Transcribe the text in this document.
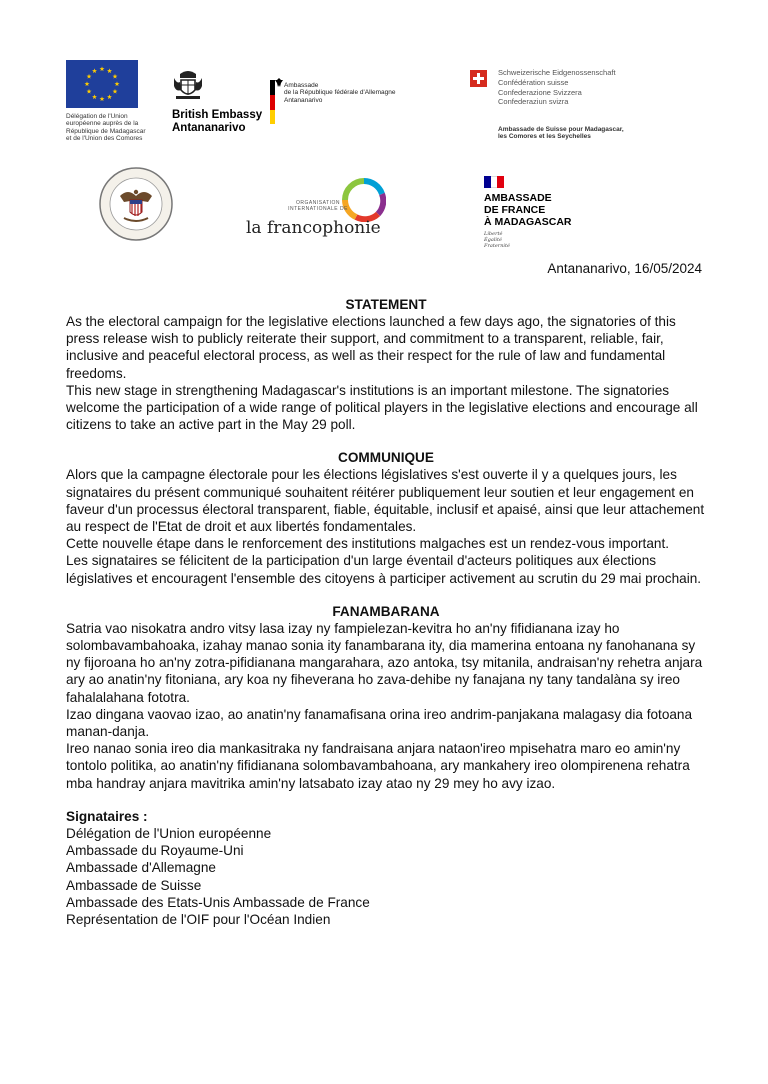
Délégation de l'Union
européenne auprès de la
République de Madagascar
et de l'Union des Comores
British Embassy
Antananarivo
Ambassade
de la République fédérale d'Allemagne
Antananarivo
Schweizerische Eidgenossenschaft
Confédération suisse
Confederazione Svizzera
Confederaziun svizra
Ambassade de Suisse pour Madagascar,
les Comores et les Seychelles
ORGANISATION
INTERNATIONALE DE
la francophonie
AMBASSADE
DE FRANCE
À MADAGASCAR
Liberté
Égalité
Fraternité
Antananarivo, 16/05/2024
STATEMENT

As the electoral campaign for the legislative elections launched a few days ago, the signatories of this press release wish to publicly reiterate their support, and commitment to a transparent, reliable, fair, inclusive and peaceful electoral process, as well as their respect for the rule of law and fundamental freedoms.

This new stage in strengthening Madagascar's institutions is an important milestone. The signatories welcome the participation of a wide range of political players in the legislative elections and encourage all citizens to take an active part in the May 29 poll.

COMMUNIQUE

Alors que la campagne électorale pour les élections législatives s'est ouverte il y a quelques jours, les signataires du présent communiqué souhaitent réitérer publiquement leur soutien et leur engagement en faveur d'un processus électoral transparent, fiable, équitable, inclusif et apaisé, ainsi que leur attachement au respect de l'Etat de droit et aux libertés fondamentales.

Cette nouvelle étape dans le renforcement des institutions malgaches est un rendez-vous important.

Les signataires se félicitent de la participation d'un large éventail d'acteurs politiques aux élections législatives et encouragent l'ensemble des citoyens à participer activement au scrutin du 29 mai prochain.

FANAMBARANA

Satria vao nisokatra andro vitsy lasa izay ny fampielezan-kevitra ho an'ny fifidianana izay ho solombavambahoaka, izahay manao sonia ity fanambarana ity, dia mamerina entoana ny fanohanana sy ny fijoroana ho an'ny zotra-pifidianana mangarahara, azo antoka, tsy mitanila, andraisan'ny rehetra anjara ary ao anatin'ny fitoniana, ary koa ny fiheverana ho zava-dehibe ny fanajana ny tany tandalàna sy ireo fahalalahana fototra.

Izao dingana vaovao izao, ao anatin'ny fanamafisana orina ireo andrim-panjakana malagasy dia fotoana manan-danja.

Ireo nanao sonia ireo dia mankasitraka ny fandraisana anjara nataon'ireo mpisehatra maro eo amin'ny tontolo politika, ao anatin'ny fifidianana solombavambahoana, ary mankahery ireo olompirenena rehatra mba handray anjara mavitrika amin'ny latsabato izay atao ny 29 mey ho avy izao.

Signataires :

Délégation de l'Union européenne

Ambassade du Royaume-Uni

Ambassade d'Allemagne

Ambassade de Suisse

Ambassade des Etats-Unis Ambassade de France

Représentation de l'OIF pour l'Océan Indien
